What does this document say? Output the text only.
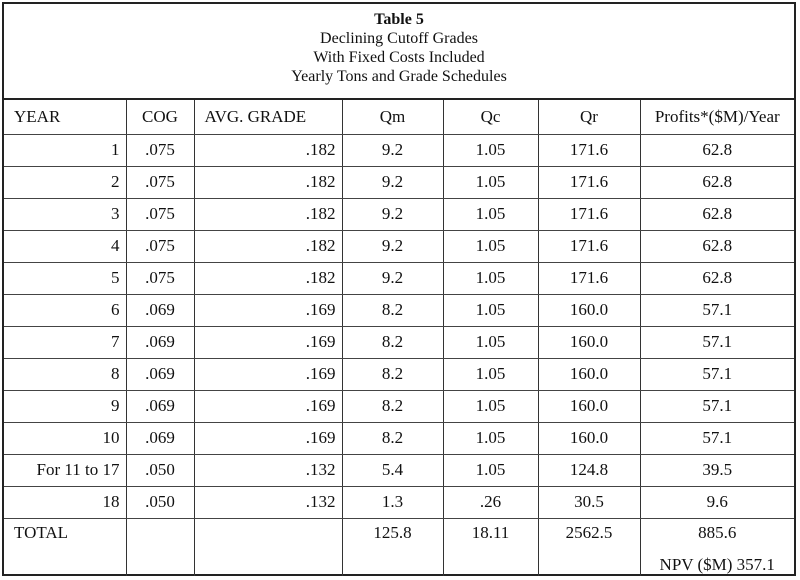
Table 5
Declining Cutoff Grades
With Fixed Costs Included
Yearly Tons and Grade Schedules
YEAR	COG	AVG. GRADE	Qm	Qc	Qr	Profits*($M)/Year
1	.075	.182	9.2	1.05	171.6	62.8
2	.075	.182	9.2	1.05	171.6	62.8
3	.075	.182	9.2	1.05	171.6	62.8
4	.075	.182	9.2	1.05	171.6	62.8
5	.075	.182	9.2	1.05	171.6	62.8
6	.069	.169	8.2	1.05	160.0	57.1
7	.069	.169	8.2	1.05	160.0	57.1
8	.069	.169	8.2	1.05	160.0	57.1
9	.069	.169	8.2	1.05	160.0	57.1
10	.069	.169	8.2	1.05	160.0	57.1
For 11 to 17	.050	.132	5.4	1.05	124.8	39.5
18	.050	.132	1.3	.26	30.5	9.6
TOTAL			125.8	18.11	2562.5	885.6
NPV ($M) 357.1
